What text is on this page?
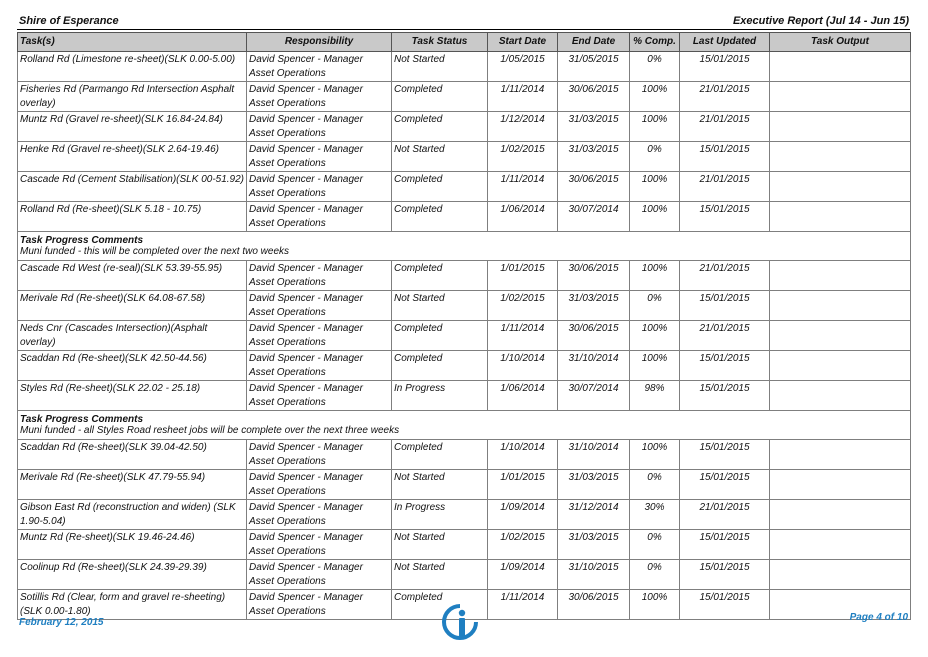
Shire of Esperance	Executive Report (Jul 14 - Jun 15)
Task(s)	Responsibility	Task Status	Start Date	End Date	% Comp.	Last Updated	Task Output
Rolland Rd (Limestone re-sheet)(SLK 0.00-5.00)	David Spencer - Manager Asset Operations	Not Started	1/05/2015	31/05/2015	0%	15/01/2015	
Fisheries Rd (Parmango Rd Intersection Asphalt overlay)	David Spencer - Manager Asset Operations	Completed	1/11/2014	30/06/2015	100%	21/01/2015	
Muntz Rd (Gravel re-sheet)(SLK 16.84-24.84)	David Spencer - Manager Asset Operations	Completed	1/12/2014	31/03/2015	100%	21/01/2015	
Henke Rd (Gravel re-sheet)(SLK 2.64-19.46)	David Spencer - Manager Asset Operations	Not Started	1/02/2015	31/03/2015	0%	15/01/2015	
Cascade Rd (Cement Stabilisation)(SLK 00-51.92)	David Spencer - Manager Asset Operations	Completed	1/11/2014	30/06/2015	100%	21/01/2015	
Rolland Rd (Re-sheet)(SLK 5.18 - 10.75)	David Spencer - Manager Asset Operations	Completed	1/06/2014	30/07/2014	100%	15/01/2015	

Task Progress Comments
Muni funded - this will be completed over the next two weeks							

Cascade Rd West (re-seal)(SLK 53.39-55.95)	David Spencer - Manager Asset Operations	Completed	1/01/2015	30/06/2015	100%	21/01/2015	
Merivale Rd (Re-sheet)(SLK 64.08-67.58)	David Spencer - Manager Asset Operations	Not Started	1/02/2015	31/03/2015	0%	15/01/2015	
Neds Cnr (Cascades Intersection)(Asphalt overlay)	David Spencer - Manager Asset Operations	Completed	1/11/2014	30/06/2015	100%	21/01/2015	
Scaddan Rd (Re-sheet)(SLK 42.50-44.56)	David Spencer - Manager Asset Operations	Completed	1/10/2014	31/10/2014	100%	15/01/2015	
Styles Rd (Re-sheet)(SLK 22.02 - 25.18)	David Spencer - Manager Asset Operations	In Progress	1/06/2014	30/07/2014	98%	15/01/2015	

Task Progress Comments
Muni funded - all Styles Road resheet jobs will be complete over the next three weeks							

Scaddan Rd (Re-sheet)(SLK 39.04-42.50)	David Spencer - Manager Asset Operations	Completed	1/10/2014	31/10/2014	100%	15/01/2015	
Merivale Rd (Re-sheet)(SLK 47.79-55.94)	David Spencer - Manager Asset Operations	Not Started	1/01/2015	31/03/2015	0%	15/01/2015	
Gibson East Rd (reconstruction and widen) (SLK 1.90-5.04)	David Spencer - Manager Asset Operations	In Progress	1/09/2014	31/12/2014	30%	21/01/2015	
Muntz Rd (Re-sheet)(SLK 19.46-24.46)	David Spencer - Manager Asset Operations	Not Started	1/02/2015	31/03/2015	0%	15/01/2015	
Coolinup Rd (Re-sheet)(SLK 24.39-29.39)	David Spencer - Manager Asset Operations	Not Started	1/09/2014	31/10/2015	0%	15/01/2015	
Sotillis Rd (Clear, form and gravel re-sheeting) (SLK 0.00-1.80)	David Spencer - Manager Asset Operations	Completed	1/11/2014	30/06/2015	100%	15/01/2015	
February 12, 2015	Page 4 of 10
